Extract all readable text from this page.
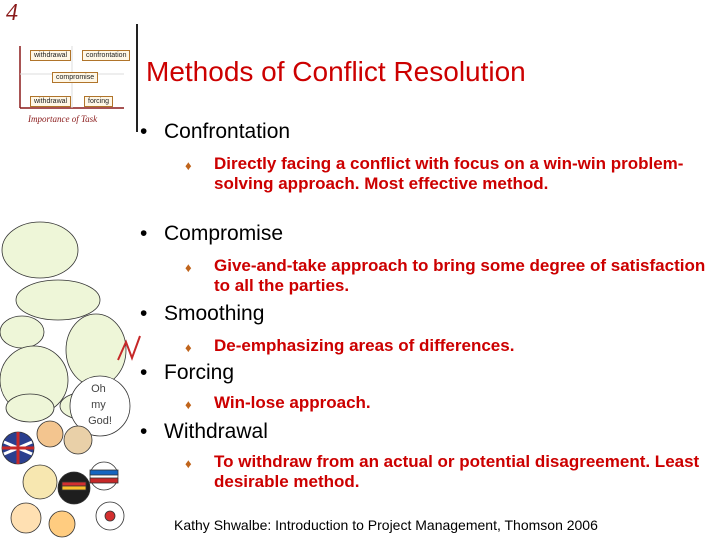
4
Methods of Conflict Resolution
withdrawal	confrontation
compromise
withdrawal	forcing
Importance of Task
• Confrontation
♦ Directly facing a conflict with focus on a win-win problem-solving approach. Most effective method.
• Compromise
♦ Give-and-take approach to bring some degree of satisfaction to all the parties.
• Smoothing
♦ De-emphasizing areas of differences.
• Forcing
♦ Win-lose approach.
• Withdrawal
♦ To withdraw from an actual or potential disagreement. Least desirable method.
Oh my God!
Kathy Shwalbe: Introduction to Project Management, Thomson 2006
